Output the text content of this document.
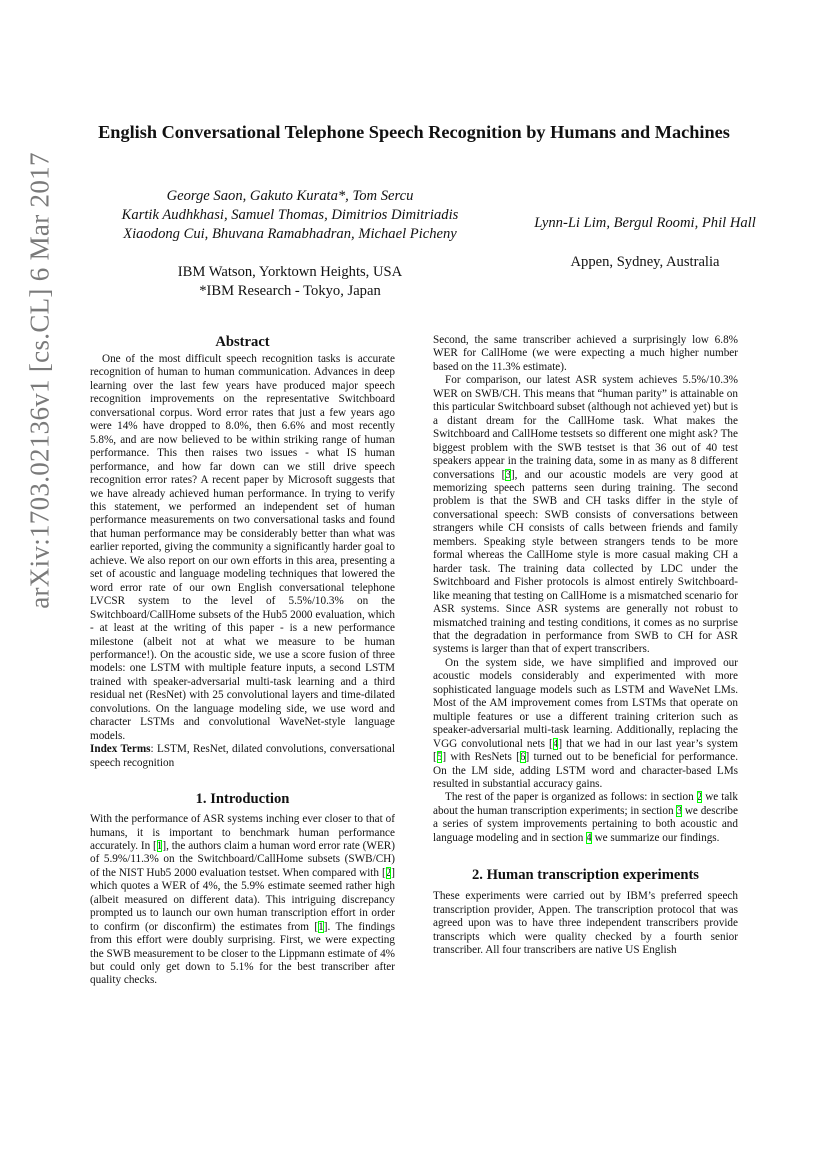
arXiv:1703.02136v1 [cs.CL] 6 Mar 2017
English Conversational Telephone Speech Recognition by Humans and Machines
George Saon, Gakuto Kurata*, Tom Sercu
Kartik Audhkhasi, Samuel Thomas, Dimitrios Dimitriadis
Xiaodong Cui, Bhuvana Ramabhadran, Michael Picheny
Lynn-Li Lim, Bergul Roomi, Phil Hall
IBM Watson, Yorktown Heights, USA
*IBM Research - Tokyo, Japan
Appen, Sydney, Australia
Abstract

One of the most difficult speech recognition tasks is accurate recognition of human to human communication. Advances in deep learning over the last few years have produced major speech recognition improvements on the representative Switchboard conversational corpus. Word error rates that just a few years ago were 14% have dropped to 8.0%, then 6.6% and most recently 5.8%, and are now believed to be within striking range of human performance. This then raises two issues - what IS human performance, and how far down can we still drive speech recognition error rates? A recent paper by Microsoft suggests that we have already achieved human performance. In trying to verify this statement, we performed an independent set of human performance measurements on two conversational tasks and found that human performance may be considerably better than what was earlier reported, giving the community a significantly harder goal to achieve. We also report on our own efforts in this area, presenting a set of acoustic and language modeling techniques that lowered the word error rate of our own English conversational telephone LVCSR system to the level of 5.5%/10.3% on the Switchboard/CallHome subsets of the Hub5 2000 evaluation, which - at least at the writing of this paper - is a new performance milestone (albeit not at what we measure to be human performance!). On the acoustic side, we use a score fusion of three models: one LSTM with multiple feature inputs, a second LSTM trained with speaker-adversarial multi-task learning and a third residual net (ResNet) with 25 convolutional layers and time-dilated convolutions. On the language modeling side, we use word and character LSTMs and convolutional WaveNet-style language models.

Index Terms: LSTM, ResNet, dilated convolutions, conversational speech recognition

1. Introduction

With the performance of ASR systems inching ever closer to that of humans, it is important to benchmark human performance accurately. In [1], the authors claim a human word error rate (WER) of 5.9%/11.3% on the Switchboard/CallHome subsets (SWB/CH) of the NIST Hub5 2000 evaluation testset. When compared with [2] which quotes a WER of 4%, the 5.9% estimate seemed rather high (albeit measured on different data). This intriguing discrepancy prompted us to launch our own human transcription effort in order to confirm (or disconfirm) the estimates from [1]. The findings from this effort were doubly surprising. First, we were expecting the SWB measurement to be closer to the Lippmann estimate of 4% but could only get down to 5.1% for the best transcriber after quality checks.

Second, the same transcriber achieved a surprisingly low 6.8% WER for CallHome (we were expecting a much higher number based on the 11.3% estimate).

For comparison, our latest ASR system achieves 5.5%/10.3% WER on SWB/CH. This means that “human parity” is attainable on this particular Switchboard subset (although not achieved yet) but is a distant dream for the CallHome task. What makes the Switchboard and CallHome testsets so different one might ask? The biggest problem with the SWB testset is that 36 out of 40 test speakers appear in the training data, some in as many as 8 different conversations [3], and our acoustic models are very good at memorizing speech patterns seen during training. The second problem is that the SWB and CH tasks differ in the style of conversational speech: SWB consists of conversations between strangers while CH consists of calls between friends and family members. Speaking style between strangers tends to be more formal whereas the CallHome style is more casual making CH a harder task. The training data collected by LDC under the Switchboard and Fisher protocols is almost entirely Switchboard-like meaning that testing on CallHome is a mismatched scenario for ASR systems. Since ASR systems are generally not robust to mismatched training and testing conditions, it comes as no surprise that the degradation in performance from SWB to CH for ASR systems is larger than that of expert transcribers.

On the system side, we have simplified and improved our acoustic models considerably and experimented with more sophisticated language models such as LSTM and WaveNet LMs. Most of the AM improvement comes from LSTMs that operate on multiple features or use a different training criterion such as speaker-adversarial multi-task learning. Additionally, replacing the VGG convolutional nets [4] that we had in our last year’s system [5] with ResNets [6] turned out to be beneficial for performance. On the LM side, adding LSTM word and character-based LMs resulted in substantial accuracy gains.

The rest of the paper is organized as follows: in section 2 we talk about the human transcription experiments; in section 3 we describe a series of system improvements pertaining to both acoustic and language modeling and in section 4 we summarize our findings.

2. Human transcription experiments

These experiments were carried out by IBM’s preferred speech transcription provider, Appen. The transcription protocol that was agreed upon was to have three independent transcribers provide transcripts which were quality checked by a fourth senior transcriber. All four transcribers are native US English
